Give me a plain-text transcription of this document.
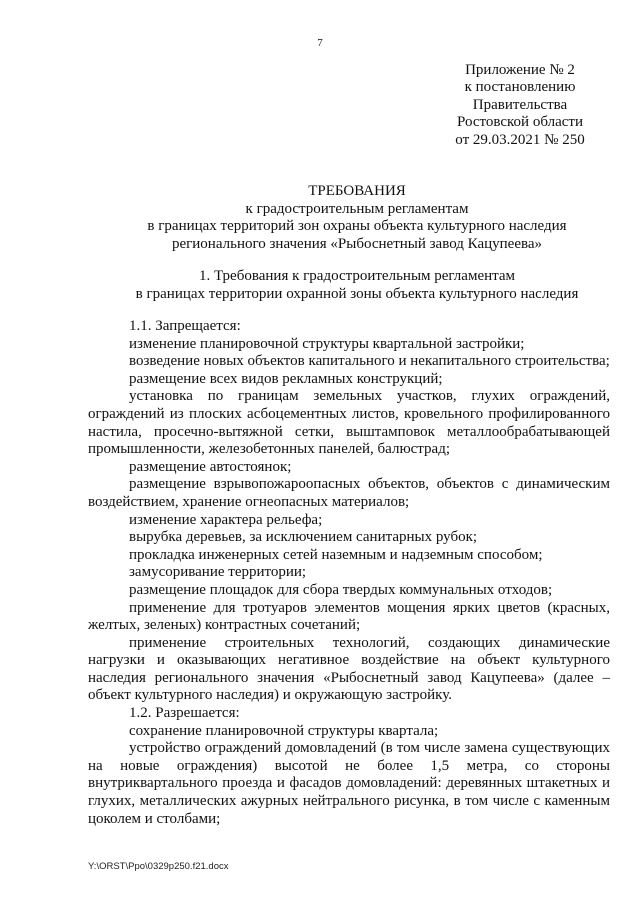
7
Приложение № 2
к постановлению
Правительства
Ростовской области
от 29.03.2021 № 250
ТРЕБОВАНИЯ
к градостроительным регламентам
в границах территорий зон охраны объекта культурного наследия
регионального значения «Рыбоснетный завод Кацупеева»
1. Требования к градостроительным регламентам
в границах территории охранной зоны объекта культурного наследия

1.1. Запрещается:

изменение планировочной структуры квартальной застройки;

возведение новых объектов капитального и некапитального строительства;

размещение всех видов рекламных конструкций;

установка по границам земельных участков, глухих ограждений, ограждений из плоских асбоцементных листов, кровельного профилированного настила, просечно-вытяжной сетки, выштамповок металлообрабатывающей промышленности, железобетонных панелей, балюстрад;

размещение автостоянок;

размещение взрывопожароопасных объектов, объектов с динамическим воздействием, хранение огнеопасных материалов;

изменение характера рельефа;

вырубка деревьев, за исключением санитарных рубок;

прокладка инженерных сетей наземным и надземным способом;

замусоривание территории;

размещение площадок для сбора твердых коммунальных отходов;

применение для тротуаров элементов мощения ярких цветов (красных, желтых, зеленых) контрастных сочетаний;

применение строительных технологий, создающих динамические нагрузки и оказывающих негативное воздействие на объект культурного наследия регионального значения «Рыбоснетный завод Кацупеева» (далее – объект культурного наследия) и окружающую застройку.

1.2. Разрешается:

сохранение планировочной структуры квартала;

устройство ограждений домовладений (в том числе замена существующих на новые ограждения) высотой не более 1,5 метра, со стороны внутриквартального проезда и фасадов домовладений: деревянных штакетных и глухих, металлических ажурных нейтрального рисунка, в том числе с каменным цоколем и столбами;

Y:\ORST\Ppo\0329p250.f21.docx
